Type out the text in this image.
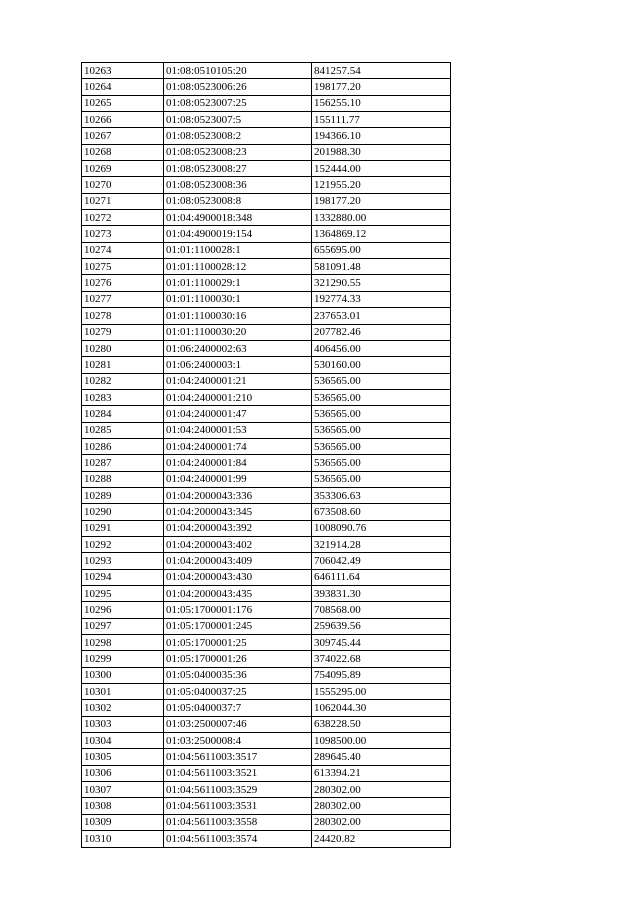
10263	01:08:0510105:20	841257.54
10264	01:08:0523006:26	198177.20
10265	01:08:0523007:25	156255.10
10266	01:08:0523007:5	155111.77
10267	01:08:0523008:2	194366.10
10268	01:08:0523008:23	201988.30
10269	01:08:0523008:27	152444.00
10270	01:08:0523008:36	121955.20
10271	01:08:0523008:8	198177.20
10272	01:04:4900018:348	1332880.00
10273	01:04:4900019:154	1364869.12
10274	01:01:1100028:1	655695.00
10275	01:01:1100028:12	581091.48
10276	01:01:1100029:1	321290.55
10277	01:01:1100030:1	192774.33
10278	01:01:1100030:16	237653.01
10279	01:01:1100030:20	207782.46
10280	01:06:2400002:63	406456.00
10281	01:06:2400003:1	530160.00
10282	01:04:2400001:21	536565.00
10283	01:04:2400001:210	536565.00
10284	01:04:2400001:47	536565.00
10285	01:04:2400001:53	536565.00
10286	01:04:2400001:74	536565.00
10287	01:04:2400001:84	536565.00
10288	01:04:2400001:99	536565.00
10289	01:04:2000043:336	353306.63
10290	01:04:2000043:345	673508.60
10291	01:04:2000043:392	1008090.76
10292	01:04:2000043:402	321914.28
10293	01:04:2000043:409	706042.49
10294	01:04:2000043:430	646111.64
10295	01:04:2000043:435	393831.30
10296	01:05:1700001:176	708568.00
10297	01:05:1700001:245	259639.56
10298	01:05:1700001:25	309745.44
10299	01:05:1700001:26	374022.68
10300	01:05:0400035:36	754095.89
10301	01:05:0400037:25	1555295.00
10302	01:05:0400037:7	1062044.30
10303	01:03:2500007:46	638228.50
10304	01:03:2500008:4	1098500.00
10305	01:04:5611003:3517	289645.40
10306	01:04:5611003:3521	613394.21
10307	01:04:5611003:3529	280302.00
10308	01:04:5611003:3531	280302.00
10309	01:04:5611003:3558	280302.00
10310	01:04:5611003:3574	24420.82
